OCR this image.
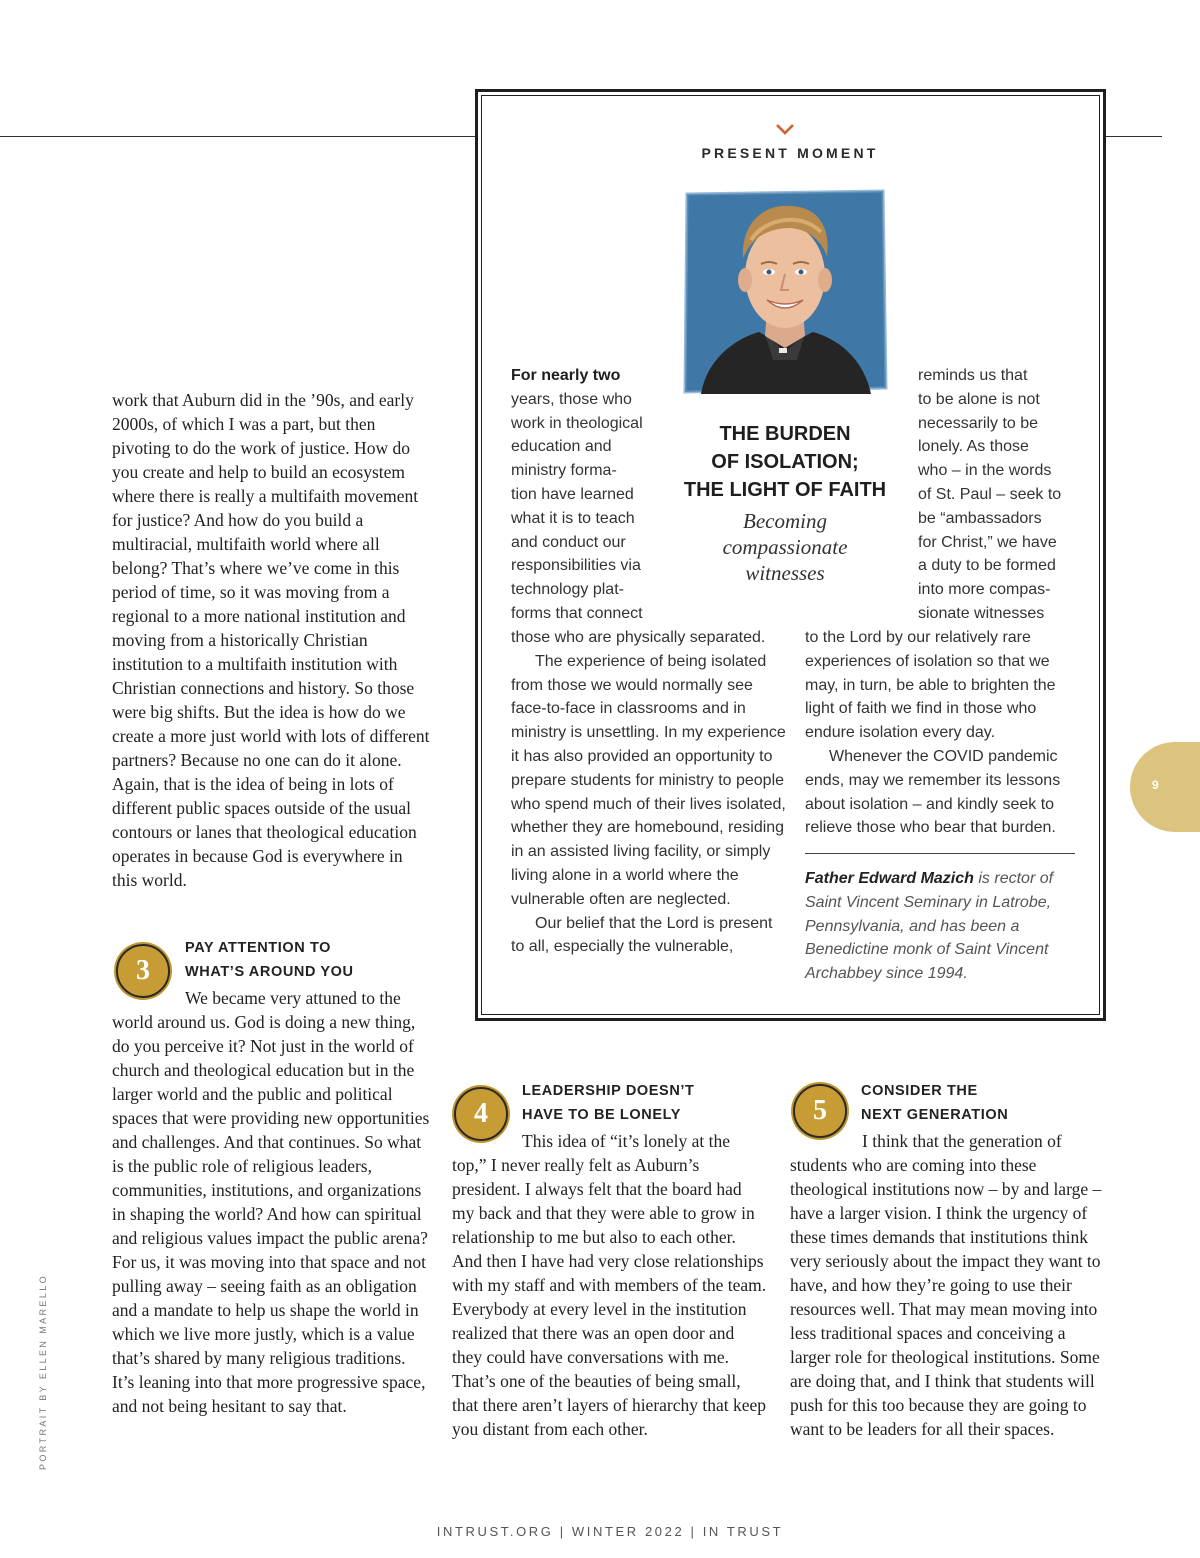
work that Auburn did in the ’90s, and early 2000s, of which I was a part, but then pivoting to do the work of justice. How do you create and help to build an ecosystem where there is really a multifaith movement for justice? And how do you build a multiracial, multifaith world where all belong? That’s where we’ve come in this period of time, so it was moving from a regional to a more national institution and moving from a historically Christian institution to a multifaith institution with Christian connections and history. So those were big shifts. But the idea is how do we create a more just world with lots of different partners? Because no one can do it alone. Again, that is the idea of being in lots of different public spaces outside of the usual contours or lanes that theological education operates in because God is everywhere in this world.

3

PAY ATTENTION TO

WHAT’S AROUND YOU

We became very attuned to the world around us. God is doing a new thing, do you perceive it? Not just in the world of church and theological education but in the larger world and the public and political spaces that were providing new opportunities and challenges. And that continues. So what is the public role of religious leaders, communities, institutions, and organizations in shaping the world? And how can spiritual and religious values impact the public arena? For us, it was moving into that space and not pulling away – seeing faith as an obligation and a mandate to help us shape the world in which we live more justly, which is a value that’s shared by many religious traditions. It’s leaning into that more progressive space, and not being hesitant to say that.

PRESENT MOMENT
THE BURDEN
OF ISOLATION;
THE LIGHT OF FAITH
Becoming
compassionate
witnesses

For nearly two

years, those who

work in theological

education and

ministry forma-

tion have learned

what it is to teach

and conduct our

responsibilities via

technology plat-

forms that connect

those who are physically separated.

The experience of being isolated from those we would normally see face-to-face in classrooms and in ministry is unsettling. In my experience it has also provided an opportunity to prepare students for ministry to people who spend much of their lives isolated, whether they are homebound, residing in an assisted living facility, or simply living alone in a world where the vulnerable often are neglected.

Our belief that the Lord is present to all, especially the vulnerable,

reminds us that

to be alone is not

necessarily to be

lonely. As those

who – in the words

of St. Paul – seek to

be “ambassadors

for Christ,” we have

a duty to be formed

into more compas-

sionate witnesses

to the Lord by our relatively rare experiences of isolation so that we may, in turn, be able to brighten the light of faith we find in those who endure isolation every day.

Whenever the COVID pandemic ends, may we remember its lessons about isolation – and kindly seek to relieve those who bear that burden.

Father Edward Mazich is rector of Saint Vincent Seminary in Latrobe, Pennsylvania, and has been a Benedictine monk of Saint Vincent Archabbey since 1994.

4

LEADERSHIP DOESN’T

HAVE TO BE LONELY

This idea of “it’s lonely at the top,” I never really felt as Auburn’s president. I always felt that the board had my back and that they were able to grow in relationship to me but also to each other. And then I have had very close relationships with my staff and with members of the team. Everybody at every level in the institution realized that there was an open door and they could have conversations with me. That’s one of the beauties of being small, that there aren’t layers of hierarchy that keep you distant from each other.

5

CONSIDER THE

NEXT GENERATION

I think that the generation of students who are coming into these theological institutions now – by and large – have a larger vision. I think the urgency of these times demands that institutions think very seriously about the impact they want to have, and how they’re going to use their resources well. That may mean moving into less traditional spaces and conceiving a larger role for theological institutions. Some are doing that, and I think that students will push for this too because they are going to want to be leaders for all their spaces.

9
PORTRAIT BY ELLEN MARELLO
INTRUST.ORG | WINTER 2022 | IN TRUST
